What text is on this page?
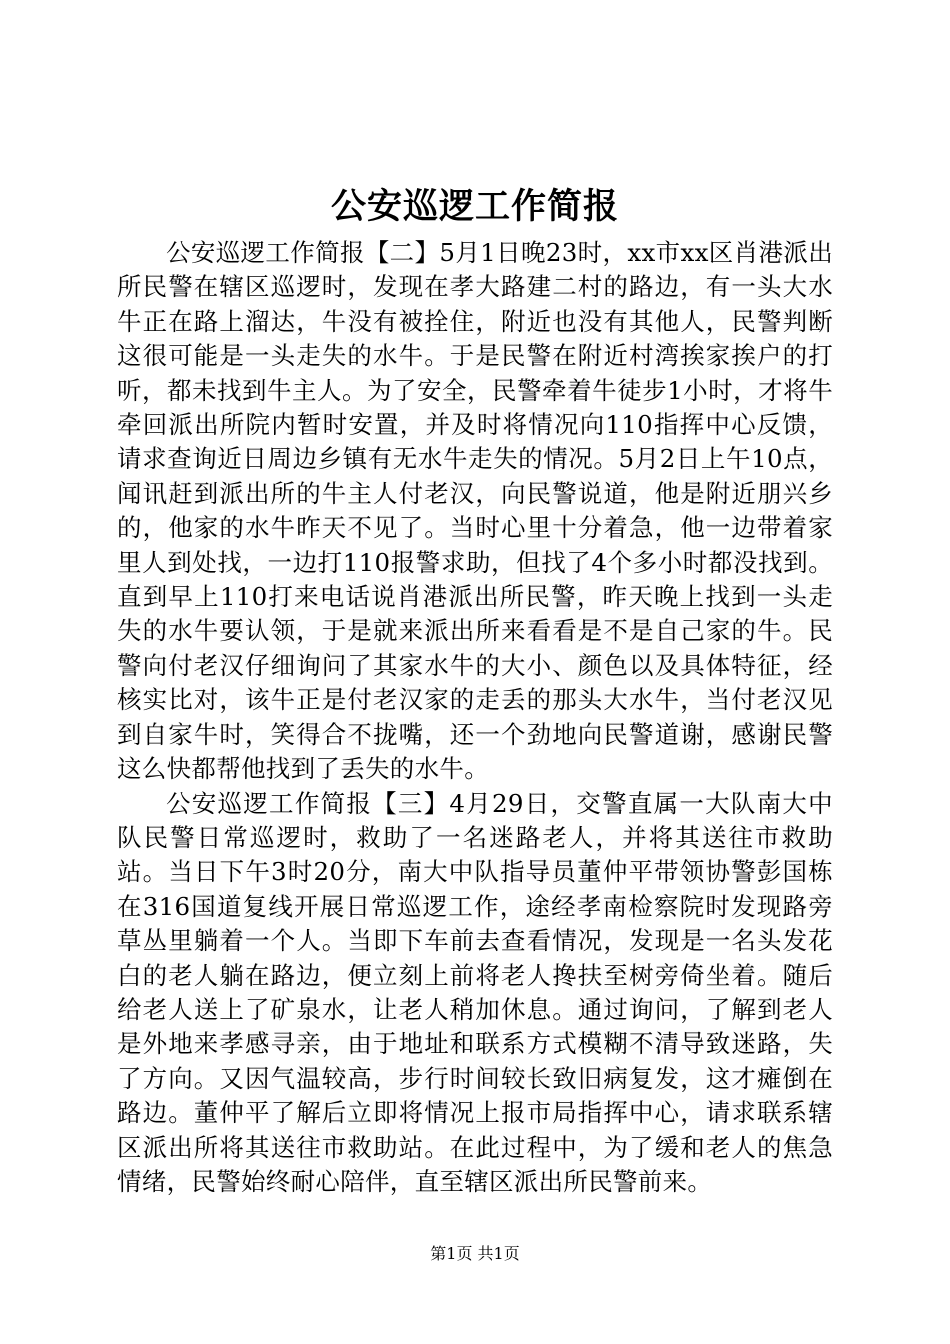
公安巡逻工作简报

公安巡逻工作简报【二】5月1日晚23时，xx市xx区肖港派出所民警在辖区巡逻时，发现在孝大路建二村的路边，有一头大水牛正在路上溜达，牛没有被拴住，附近也没有其他人，民警判断这很可能是一头走失的水牛。于是民警在附近村湾挨家挨户的打听，都未找到牛主人。为了安全，民警牵着牛徒步1小时，才将牛牵回派出所院内暂时安置，并及时将情况向110指挥中心反馈，请求查询近日周边乡镇有无水牛走失的情况。5月2日上午10点，闻讯赶到派出所的牛主人付老汉，向民警说道，他是附近朋兴乡的，他家的水牛昨天不见了。当时心里十分着急，他一边带着家里人到处找，一边打110报警求助，但找了4个多小时都没找到。直到早上110打来电话说肖港派出所民警，昨天晚上找到一头走失的水牛要认领，于是就来派出所来看看是不是自己家的牛。民警向付老汉仔细询问了其家水牛的大小、颜色以及具体特征，经核实比对，该牛正是付老汉家的走丢的那头大水牛，当付老汉见到自家牛时，笑得合不拢嘴，还一个劲地向民警道谢，感谢民警这么快都帮他找到了丢失的水牛。

公安巡逻工作简报【三】4月29日，交警直属一大队南大中队民警日常巡逻时，救助了一名迷路老人，并将其送往市救助站。当日下午3时20分，南大中队指导员董仲平带领协警彭国栋在316国道复线开展日常巡逻工作，途经孝南检察院时发现路旁草丛里躺着一个人。当即下车前去查看情况，发现是一名头发花白的老人躺在路边，便立刻上前将老人搀扶至树旁倚坐着。随后给老人送上了矿泉水，让老人稍加休息。通过询问，了解到老人是外地来孝感寻亲，由于地址和联系方式模糊不清导致迷路，失了方向。又因气温较高，步行时间较长致旧病复发，这才瘫倒在路边。董仲平了解后立即将情况上报市局指挥中心，请求联系辖区派出所将其送往市救助站。在此过程中，为了缓和老人的焦急情绪，民警始终耐心陪伴，直至辖区派出所民警前来。

第1页 共1页
